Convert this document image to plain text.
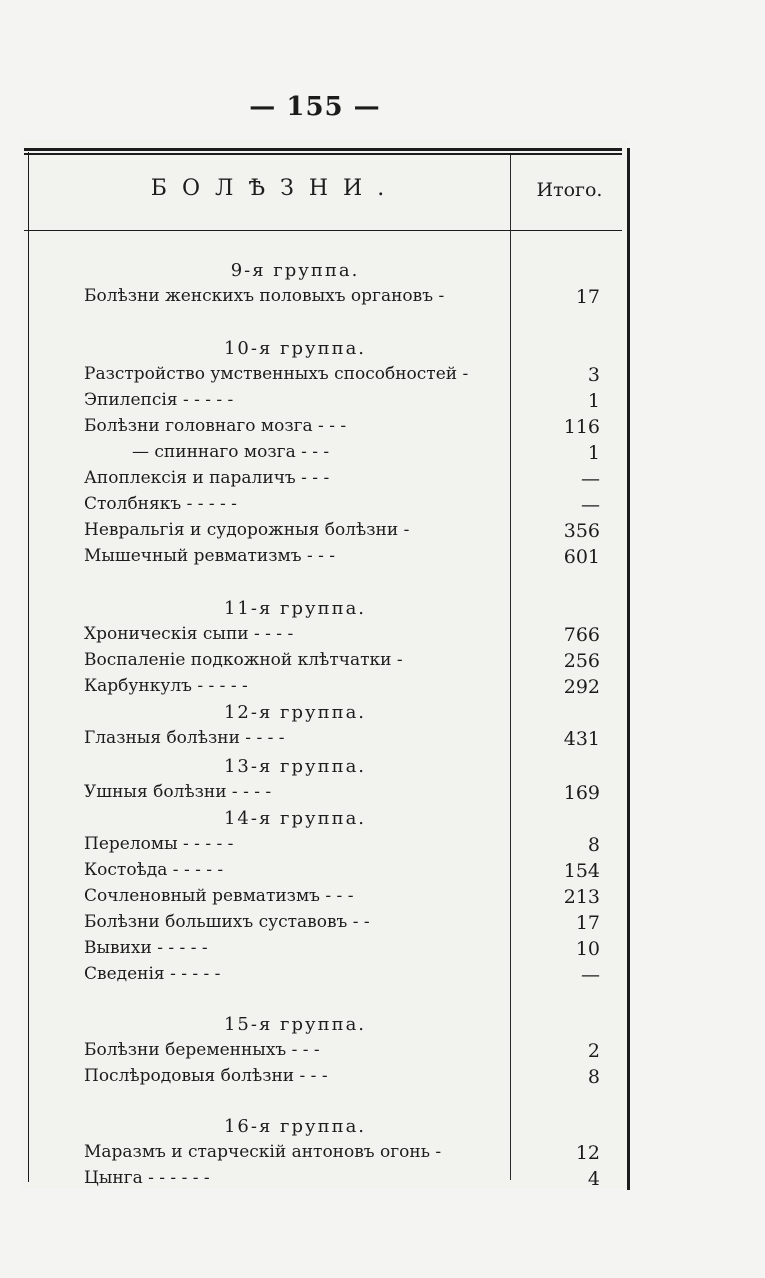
— 155 —
БОЛѢЗНИ.	Итого.
9-я группа.
Болѣзни женскихъ половыхъ органовъ -	17
10-я группа.
Разстройство умственныхъ способностей -	3
Эпилепсія - - - - -	1
Болѣзни головнаго мозга - - -	116
— спиннаго мозга - - -	1
Апоплексія и параличъ - - -	—
Столбнякъ - - - - -	—
Невральгія и судорожныя болѣзни -	356
Мышечный ревматизмъ - - -	601
11-я группа.
Хроническія сыпи - - - -	766
Воспаленіе подкожной клѣтчатки -	256
Карбункулъ - - - - -	292
12-я группа.
Глазныя болѣзни - - - -	431
13-я группа.
Ушныя болѣзни - - - -	169
14-я группа.
Переломы - - - - -	8
Костоѣда - - - - -	154
Сочленовный ревматизмъ - - -	213
Болѣзни большихъ суставовъ - -	17
Вывихи - - - - -	10
Сведенія - - - - -	—
15-я группа.
Болѣзни беременныхъ - - -	2
Послѣродовыя болѣзни - - -	8
16-я группа.
Маразмъ и старческій антоновъ огонь -	12
Цынга - - - - - -	4
